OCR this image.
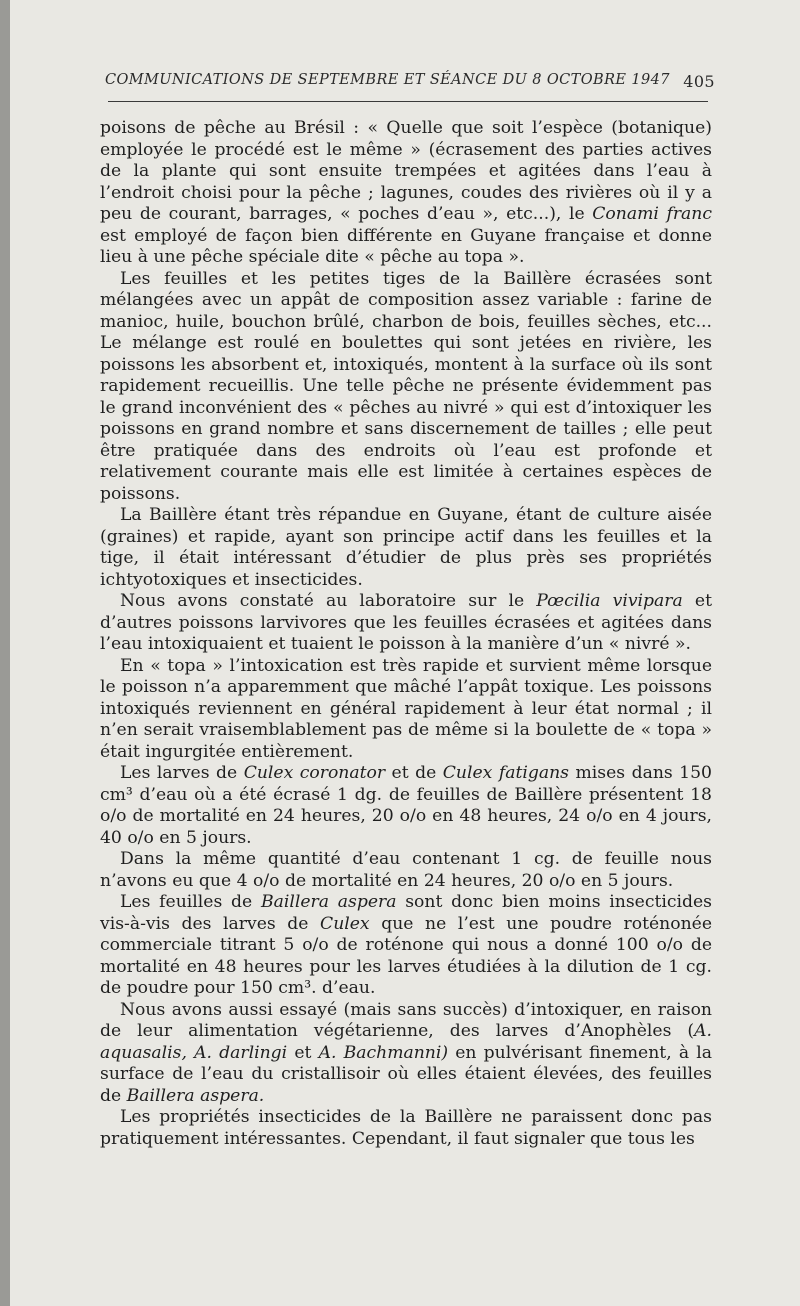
COMMUNICATIONS DE SEPTEMBRE ET SÉANCE DU 8 OCTOBRE 1947 405

poisons de pêche au Brésil : « Quelle que soit l’espèce (botanique) employée le procédé est le même » (écrasement des parties actives de la plante qui sont ensuite trempées et agitées dans l’eau à l’endroit choisi pour la pêche ; lagunes, coudes des rivières où il y a peu de courant, barrages, « poches d’eau », etc...), le Conami franc est employé de façon bien différente en Guyane française et donne lieu à une pêche spéciale dite « pêche au topa ».

Les feuilles et les petites tiges de la Baillère écrasées sont mélangées avec un appât de composition assez variable : farine de manioc, huile, bouchon brûlé, charbon de bois, feuilles sèches, etc... Le mélange est roulé en boulettes qui sont jetées en rivière, les poissons les absorbent et, intoxiqués, montent à la surface où ils sont rapidement recueillis. Une telle pêche ne présente évidemment pas le grand inconvénient des « pêches au nivré » qui est d’intoxiquer les poissons en grand nombre et sans discernement de tailles ; elle peut être pratiquée dans des endroits où l’eau est profonde et relativement courante mais elle est limitée à certaines espèces de poissons.

La Baillère étant très répandue en Guyane, étant de culture aisée (graines) et rapide, ayant son principe actif dans les feuilles et la tige, il était intéressant d’étudier de plus près ses propriétés ichtyotoxiques et insecticides.

Nous avons constaté au laboratoire sur le Pœcilia vivipara et d’autres poissons larvivores que les feuilles écrasées et agitées dans l’eau intoxiquaient et tuaient le poisson à la manière d’un « nivré ».

En « topa » l’intoxication est très rapide et survient même lorsque le poisson n’a apparemment que mâché l’appât toxique. Les poissons intoxiqués reviennent en général rapidement à leur état normal ; il n’en serait vraisemblablement pas de même si la boulette de « topa » était ingurgitée entièrement.

Les larves de Culex coronator et de Culex fatigans mises dans 150 cm³ d’eau où a été écrasé 1 dg. de feuilles de Baillère présentent 18 o/o de mortalité en 24 heures, 20 o/o en 48 heures, 24 o/o en 4 jours, 40 o/o en 5 jours.

Dans la même quantité d’eau contenant 1 cg. de feuille nous n’avons eu que 4 o/o de mortalité en 24 heures, 20 o/o en 5 jours.

Les feuilles de Baillera aspera sont donc bien moins insecticides vis-à-vis des larves de Culex que ne l’est une poudre roténonée commerciale titrant 5 o/o de roténone qui nous a donné 100 o/o de mortalité en 48 heures pour les larves étudiées à la dilution de 1 cg. de poudre pour 150 cm³. d’eau.

Nous avons aussi essayé (mais sans succès) d’intoxiquer, en raison de leur alimentation végétarienne, des larves d’Anophèles (A. aquasalis, A. darlingi et A. Bachmanni) en pulvérisant finement, à la surface de l’eau du cristallisoir où elles étaient élevées, des feuilles de Baillera aspera.

Les propriétés insecticides de la Baillère ne paraissent donc pas pratiquement intéressantes. Cependant, il faut signaler que tous les
